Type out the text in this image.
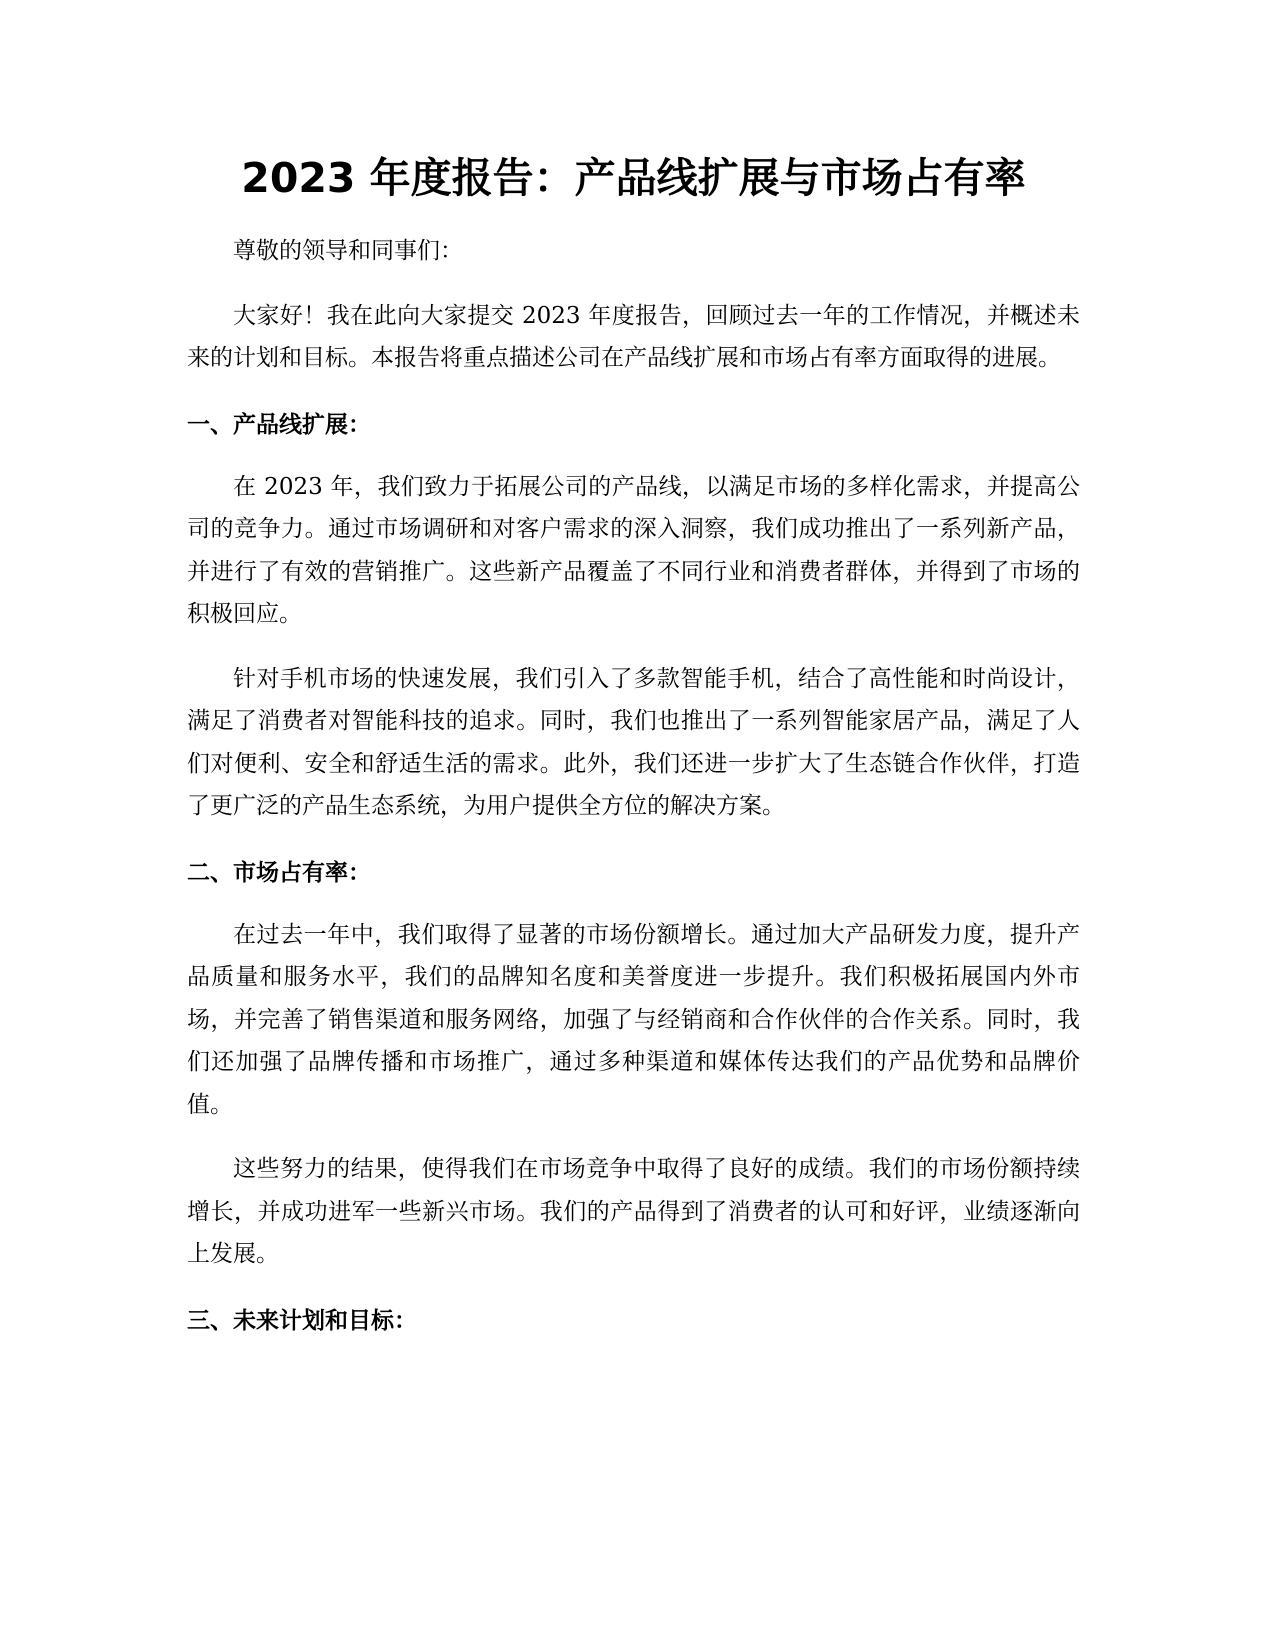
2023 年度报告：产品线扩展与市场占有率

尊敬的领导和同事们：

大家好！我在此向大家提交 2023 年度报告，回顾过去一年的工作情况，并概述未来的计划和目标。本报告将重点描述公司在产品线扩展和市场占有率方面取得的进展。

一、产品线扩展：

在 2023 年，我们致力于拓展公司的产品线，以满足市场的多样化需求，并提高公司的竞争力。通过市场调研和对客户需求的深入洞察，我们成功推出了一系列新产品，并进行了有效的营销推广。这些新产品覆盖了不同行业和消费者群体，并得到了市场的积极回应。

针对手机市场的快速发展，我们引入了多款智能手机，结合了高性能和时尚设计，满足了消费者对智能科技的追求。同时，我们也推出了一系列智能家居产品，满足了人们对便利、安全和舒适生活的需求。此外，我们还进一步扩大了生态链合作伙伴，打造了更广泛的产品生态系统，为用户提供全方位的解决方案。

二、市场占有率：

在过去一年中，我们取得了显著的市场份额增长。通过加大产品研发力度，提升产品质量和服务水平，我们的品牌知名度和美誉度进一步提升。我们积极拓展国内外市场，并完善了销售渠道和服务网络，加强了与经销商和合作伙伴的合作关系。同时，我们还加强了品牌传播和市场推广，通过多种渠道和媒体传达我们的产品优势和品牌价值。

这些努力的结果，使得我们在市场竞争中取得了良好的成绩。我们的市场份额持续增长，并成功进军一些新兴市场。我们的产品得到了消费者的认可和好评，业绩逐渐向上发展。

三、未来计划和目标：
